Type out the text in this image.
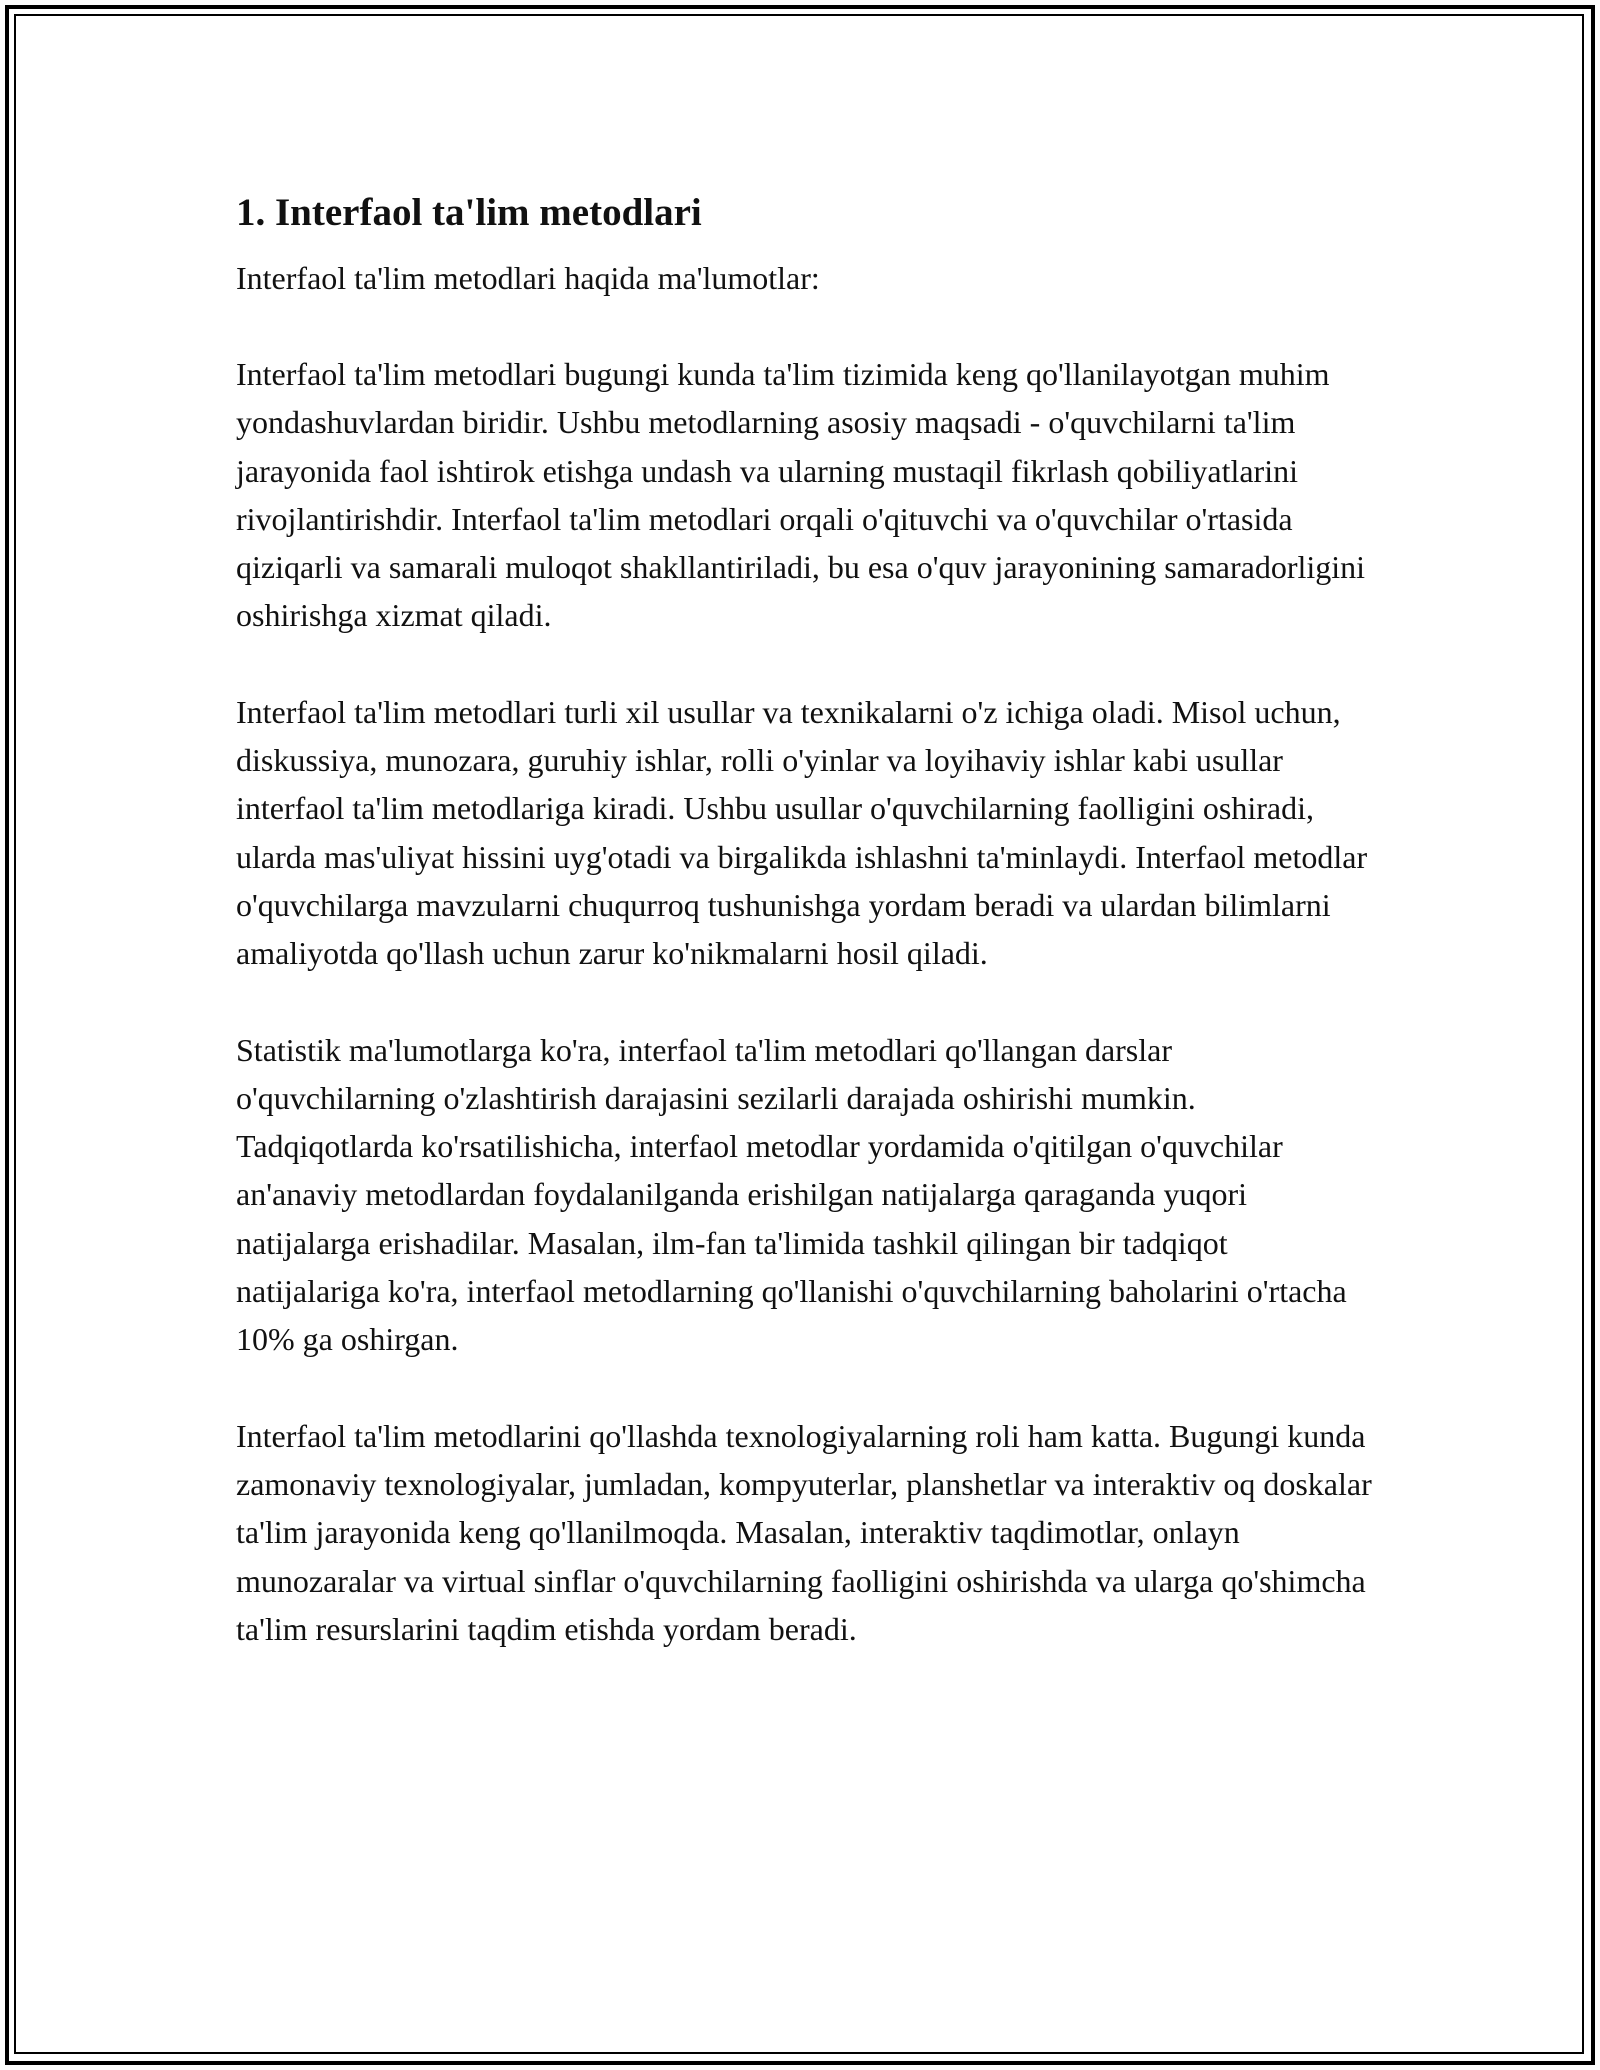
1. Interfaol ta'lim metodlari

Interfaol ta'lim metodlari haqida ma'lumotlar:

Interfaol ta'lim metodlari bugungi kunda ta'lim tizimida keng qo'llanilayotgan muhim yondashuvlardan biridir. Ushbu metodlarning asosiy maqsadi - o'quvchilarni ta'lim jarayonida faol ishtirok etishga undash va ularning mustaqil fikrlash qobiliyatlarini rivojlantirishdir. Interfaol ta'lim metodlari orqali o'qituvchi va o'quvchilar o'rtasida qiziqarli va samarali muloqot shakllantiriladi, bu esa o'quv jarayonining samaradorligini oshirishga xizmat qiladi.

Interfaol ta'lim metodlari turli xil usullar va texnikalarni o'z ichiga oladi. Misol uchun, diskussiya, munozara, guruhiy ishlar, rolli o'yinlar va loyihaviy ishlar kabi usullar interfaol ta'lim metodlariga kiradi. Ushbu usullar o'quvchilarning faolligini oshiradi, ularda mas'uliyat hissini uyg'otadi va birgalikda ishlashni ta'minlaydi. Interfaol metodlar o'quvchilarga mavzularni chuqurroq tushunishga yordam beradi va ulardan bilimlarni amaliyotda qo'llash uchun zarur ko'nikmalarni hosil qiladi.

Statistik ma'lumotlarga ko'ra, interfaol ta'lim metodlari qo'llangan darslar o'quvchilarning o'zlashtirish darajasini sezilarli darajada oshirishi mumkin. Tadqiqotlarda ko'rsatilishicha, interfaol metodlar yordamida o'qitilgan o'quvchilar an'anaviy metodlardan foydalanilganda erishilgan natijalarga qaraganda yuqori natijalarga erishadilar. Masalan, ilm-fan ta'limida tashkil qilingan bir tadqiqot natijalariga ko'ra, interfaol metodlarning qo'llanishi o'quvchilarning baholarini o'rtacha 10% ga oshirgan.

Interfaol ta'lim metodlarini qo'llashda texnologiyalarning roli ham katta. Bugungi kunda zamonaviy texnologiyalar, jumladan, kompyuterlar, planshetlar va interaktiv oq doskalar ta'lim jarayonida keng qo'llanilmoqda. Masalan, interaktiv taqdimotlar, onlayn munozaralar va virtual sinflar o'quvchilarning faolligini oshirishda va ularga qo'shimcha ta'lim resurslarini taqdim etishda yordam beradi.
